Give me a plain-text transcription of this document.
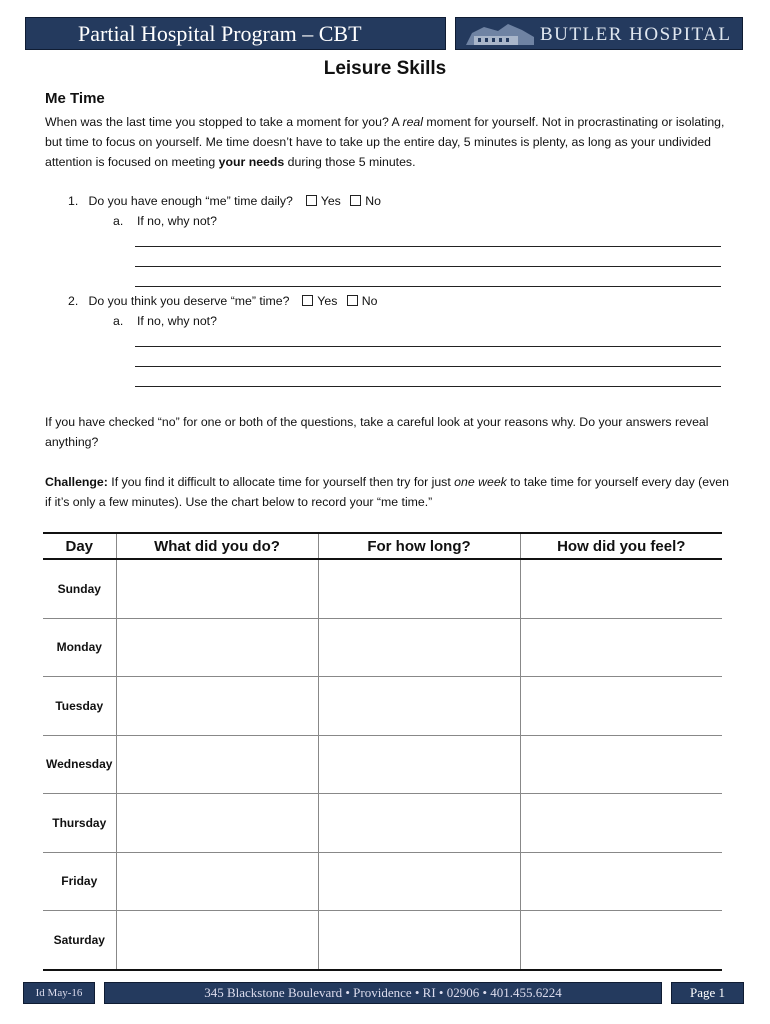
Partial Hospital Program – CBT	BUTLER HOSPITAL
Leisure Skills
Me Time
When was the last time you stopped to take a moment for you? A real moment for yourself. Not in procrastinating or isolating, but time to focus on yourself. Me time doesn’t have to take up the entire day, 5 minutes is plenty, as long as your undivided attention is focused on meeting your needs during those 5 minutes.
1. Do you have enough “me” time daily? Yes No
a. If no, why not?
2. Do you think you deserve “me” time? Yes No
a. If no, why not?
If you have checked “no” for one or both of the questions, take a careful look at your reasons why. Do your answers reveal anything?
Challenge: If you find it difficult to allocate time for yourself then try for just one week to take time for yourself every day (even if it’s only a few minutes). Use the chart below to record your “me time.”
Day	What did you do?	For how long?	How did you feel?
Sunday			
Monday			
Tuesday			
Wednesday			
Thursday			
Friday			
Saturday			
Id May-16	345 Blackstone Boulevard • Providence • RI • 02906 • 401.455.6224	Page 1
